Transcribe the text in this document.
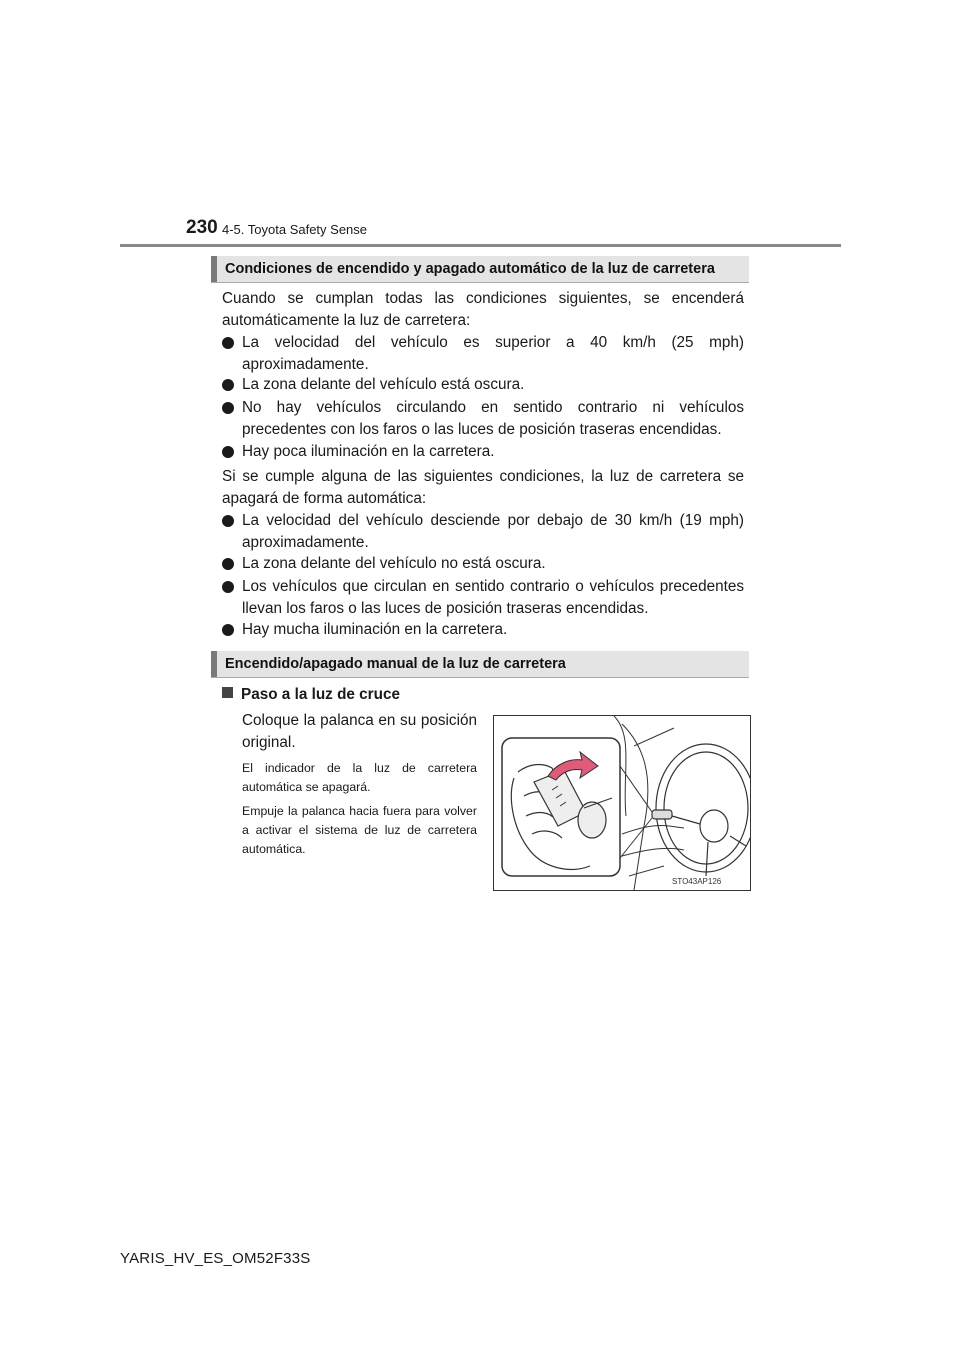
230 4-5. Toyota Safety Sense
Condiciones de encendido y apagado automático de la luz de carretera
Cuando se cumplan todas las condiciones siguientes, se encenderá automáticamente la luz de carretera:
La velocidad del vehículo es superior a 40 km/h (25 mph) aproximadamente.
La zona delante del vehículo está oscura.
No hay vehículos circulando en sentido contrario ni vehículos precedentes con los faros o las luces de posición traseras encendidas.
Hay poca iluminación en la carretera.
Si se cumple alguna de las siguientes condiciones, la luz de carretera se apagará de forma automática:
La velocidad del vehículo desciende por debajo de 30 km/h (19 mph) aproximadamente.
La zona delante del vehículo no está oscura.
Los vehículos que circulan en sentido contrario o vehículos precedentes llevan los faros o las luces de posición traseras encendidas.
Hay mucha iluminación en la carretera.
Encendido/apagado manual de la luz de carretera
Paso a la luz de cruce
Coloque la palanca en su posición original.
El indicador de la luz de carretera automática se apagará.
Empuje la palanca hacia fuera para volver a activar el sistema de luz de carretera automática.
STO43AP126
YARIS_HV_ES_OM52F33S
